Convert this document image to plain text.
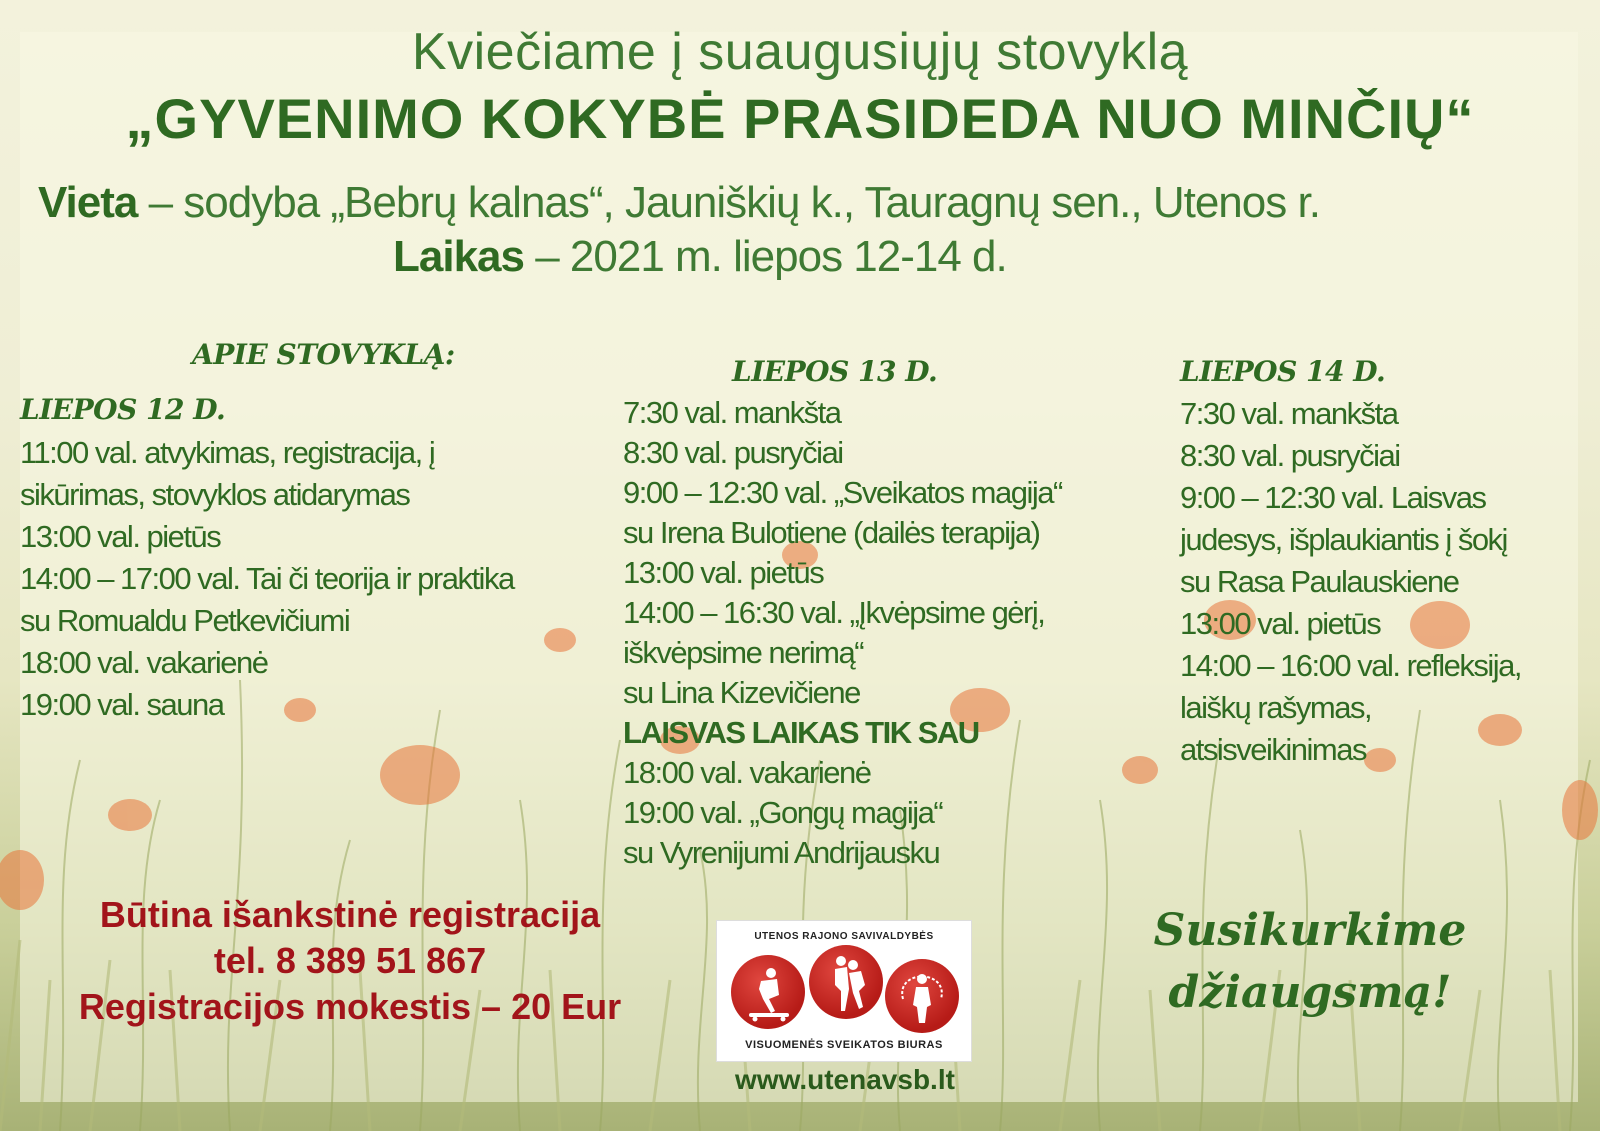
Kviečiame į suaugusiųjų stovyklą
„GYVENIMO KOKYBĖ PRASIDEDA NUO MINČIŲ“
Vieta – sodyba „Bebrų kalnas“, Jauniškių k., Tauragnų sen., Utenos r.
Laikas – 2021 m. liepos 12-14 d.
APIE STOVYKLĄ:
LIEPOS 12 D.
11:00 val. atvykimas, registracija, į
sikūrimas, stovyklos atidarymas
13:00 val. pietūs
14:00 – 17:00 val. Tai či teorija ir praktika
su Romualdu Petkevičiumi
18:00 val. vakarienė
19:00 val. sauna
LIEPOS 13 D.
7:30 val. mankšta
8:30 val. pusryčiai
9:00 – 12:30 val. „Sveikatos magija“
su Irena Bulotiene (dailės terapija)
13:00 val. pietūs
14:00 – 16:30 val. „Įkvėpsime gėrį,
iškvėpsime nerimą“
su Lina Kizevičiene
LAISVAS LAIKAS TIK SAU
18:00 val. vakarienė
19:00 val. „Gongų magija“
su Vyrenijumi Andrijausku
LIEPOS 14 D.
7:30 val. mankšta
8:30 val. pusryčiai
9:00 – 12:30 val. Laisvas
judesys, išplaukiantis į šokį
su Rasa Paulauskiene
13:00 val. pietūs
14:00 – 16:00 val. refleksija,
laiškų rašymas,
atsisveikinimas
Būtina išankstinė registracija
tel. 8 389 51 867
Registracijos mokestis – 20 Eur
UTENOS RAJONO SAVIVALDYBĖS
VISUOMENĖS SVEIKATOS BIURAS
www.utenavsb.lt
Susikurkime
džiaugsmą!
